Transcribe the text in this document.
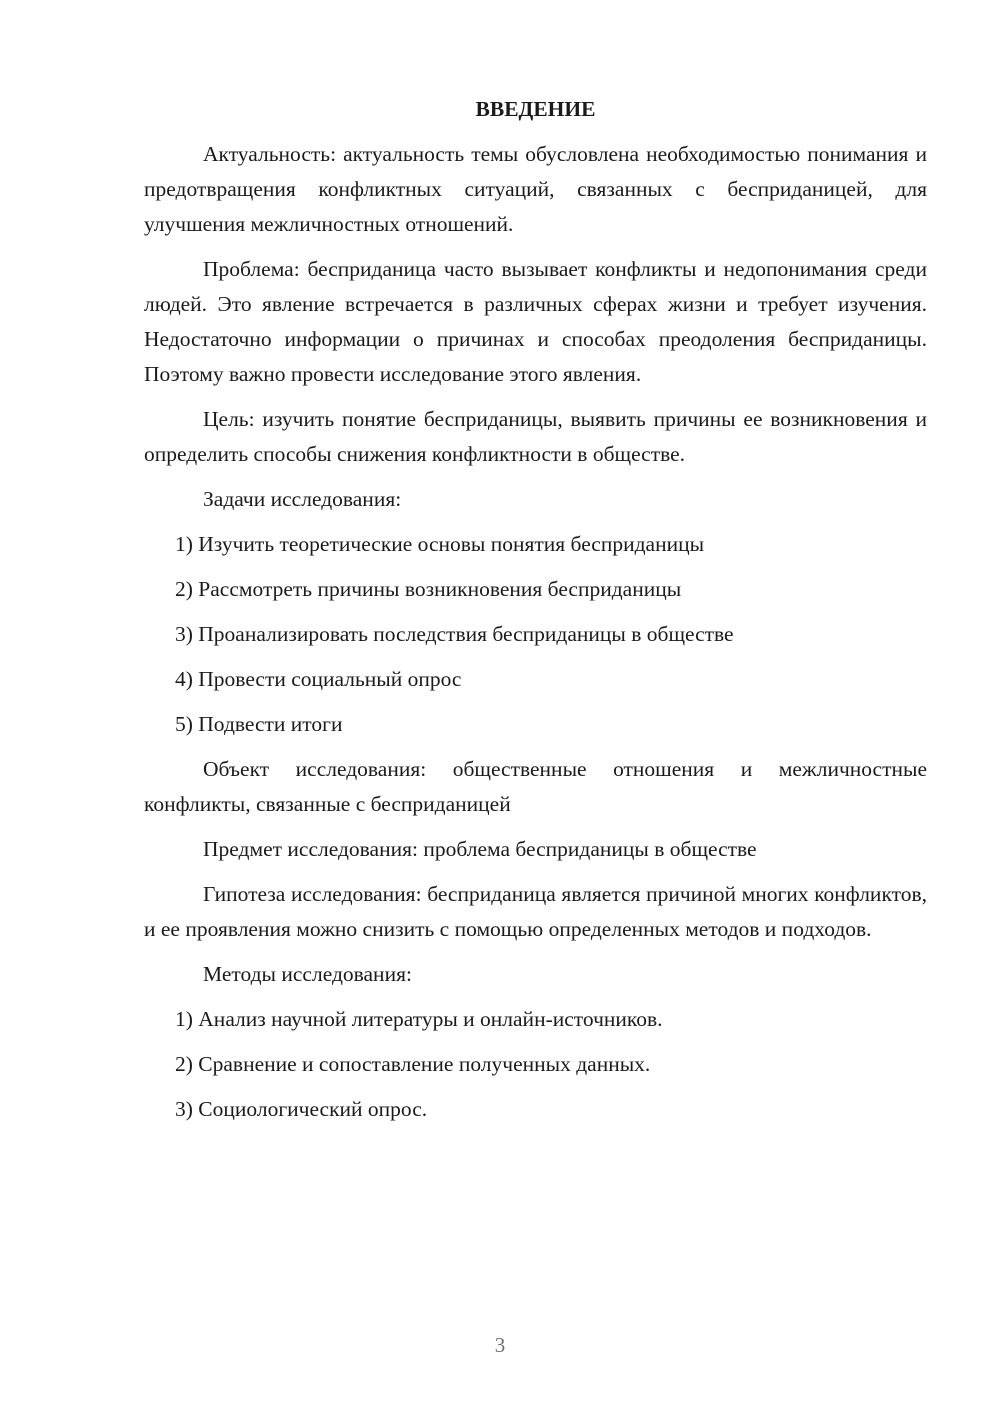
ВВЕДЕНИЕ

Актуальность: актуальность темы обусловлена необходимостью понимания и предотвращения конфликтных ситуаций, связанных с бесприданицей, для улучшения межличностных отношений.

Проблема: бесприданица часто вызывает конфликты и недопонимания среди людей. Это явление встречается в различных сферах жизни и требует изучения. Недостаточно информации о причинах и способах преодоления бесприданицы. Поэтому важно провести исследование этого явления.

Цель: изучить понятие бесприданицы, выявить причины ее возникновения и определить способы снижения конфликтности в обществе.

Задачи исследования:

1) Изучить теоретические основы понятия бесприданицы
2) Рассмотреть причины возникновения бесприданицы
3) Проанализировать последствия бесприданицы в обществе
4) Провести социальный опрос
5) Подвести итоги

Объект исследования: общественные отношения и межличностные конфликты, связанные с бесприданицей

Предмет исследования: проблема бесприданицы в обществе

Гипотеза исследования: бесприданица является причиной многих конфликтов, и ее проявления можно снизить с помощью определенных методов и подходов.

Методы исследования:

1) Анализ научной литературы и онлайн-источников.
2) Сравнение и сопоставление полученных данных.
3) Социологический опрос.
3
